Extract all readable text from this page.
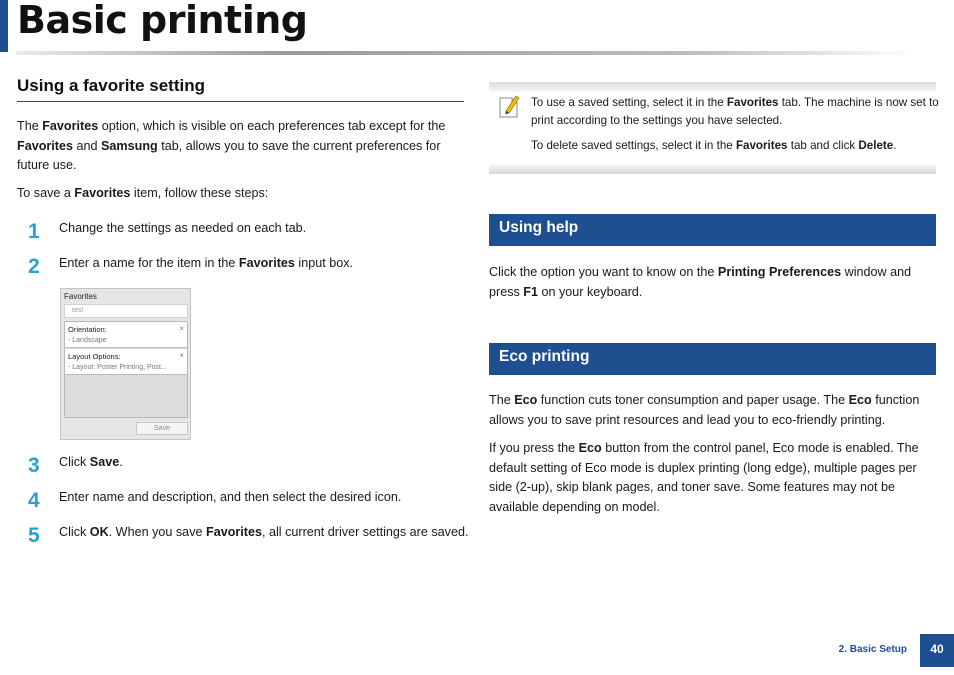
Basic printing
Using a favorite setting
The Favorites option, which is visible on each preferences tab except for the Favorites and Samsung tab, allows you to save the current preferences for future use.
To save a Favorites item, follow these steps:
1 Change the settings as needed on each tab.
2 Enter a name for the item in the Favorites input box.
Favorites
test
Orientation:
- Landscape
×
Layout Options:
- Layout: Poster Printing, Post...
×
Save
3 Click Save.
4 Enter name and description, and then select the desired icon.
5 Click OK. When you save Favorites, all current driver settings are saved.
To use a saved setting, select it in the Favorites tab. The machine is now set to print according to the settings you have selected.
To delete saved settings, select it in the Favorites tab and click Delete.
Using help
Click the option you want to know on the Printing Preferences window and press F1 on your keyboard.
Eco printing
The Eco function cuts toner consumption and paper usage. The Eco function allows you to save print resources and lead you to eco-friendly printing.
If you press the Eco button from the control panel, Eco mode is enabled. The default setting of Eco mode is duplex printing (long edge), multiple pages per side (2-up), skip blank pages, and toner save. Some features may not be available depending on model.
2. Basic Setup	40
